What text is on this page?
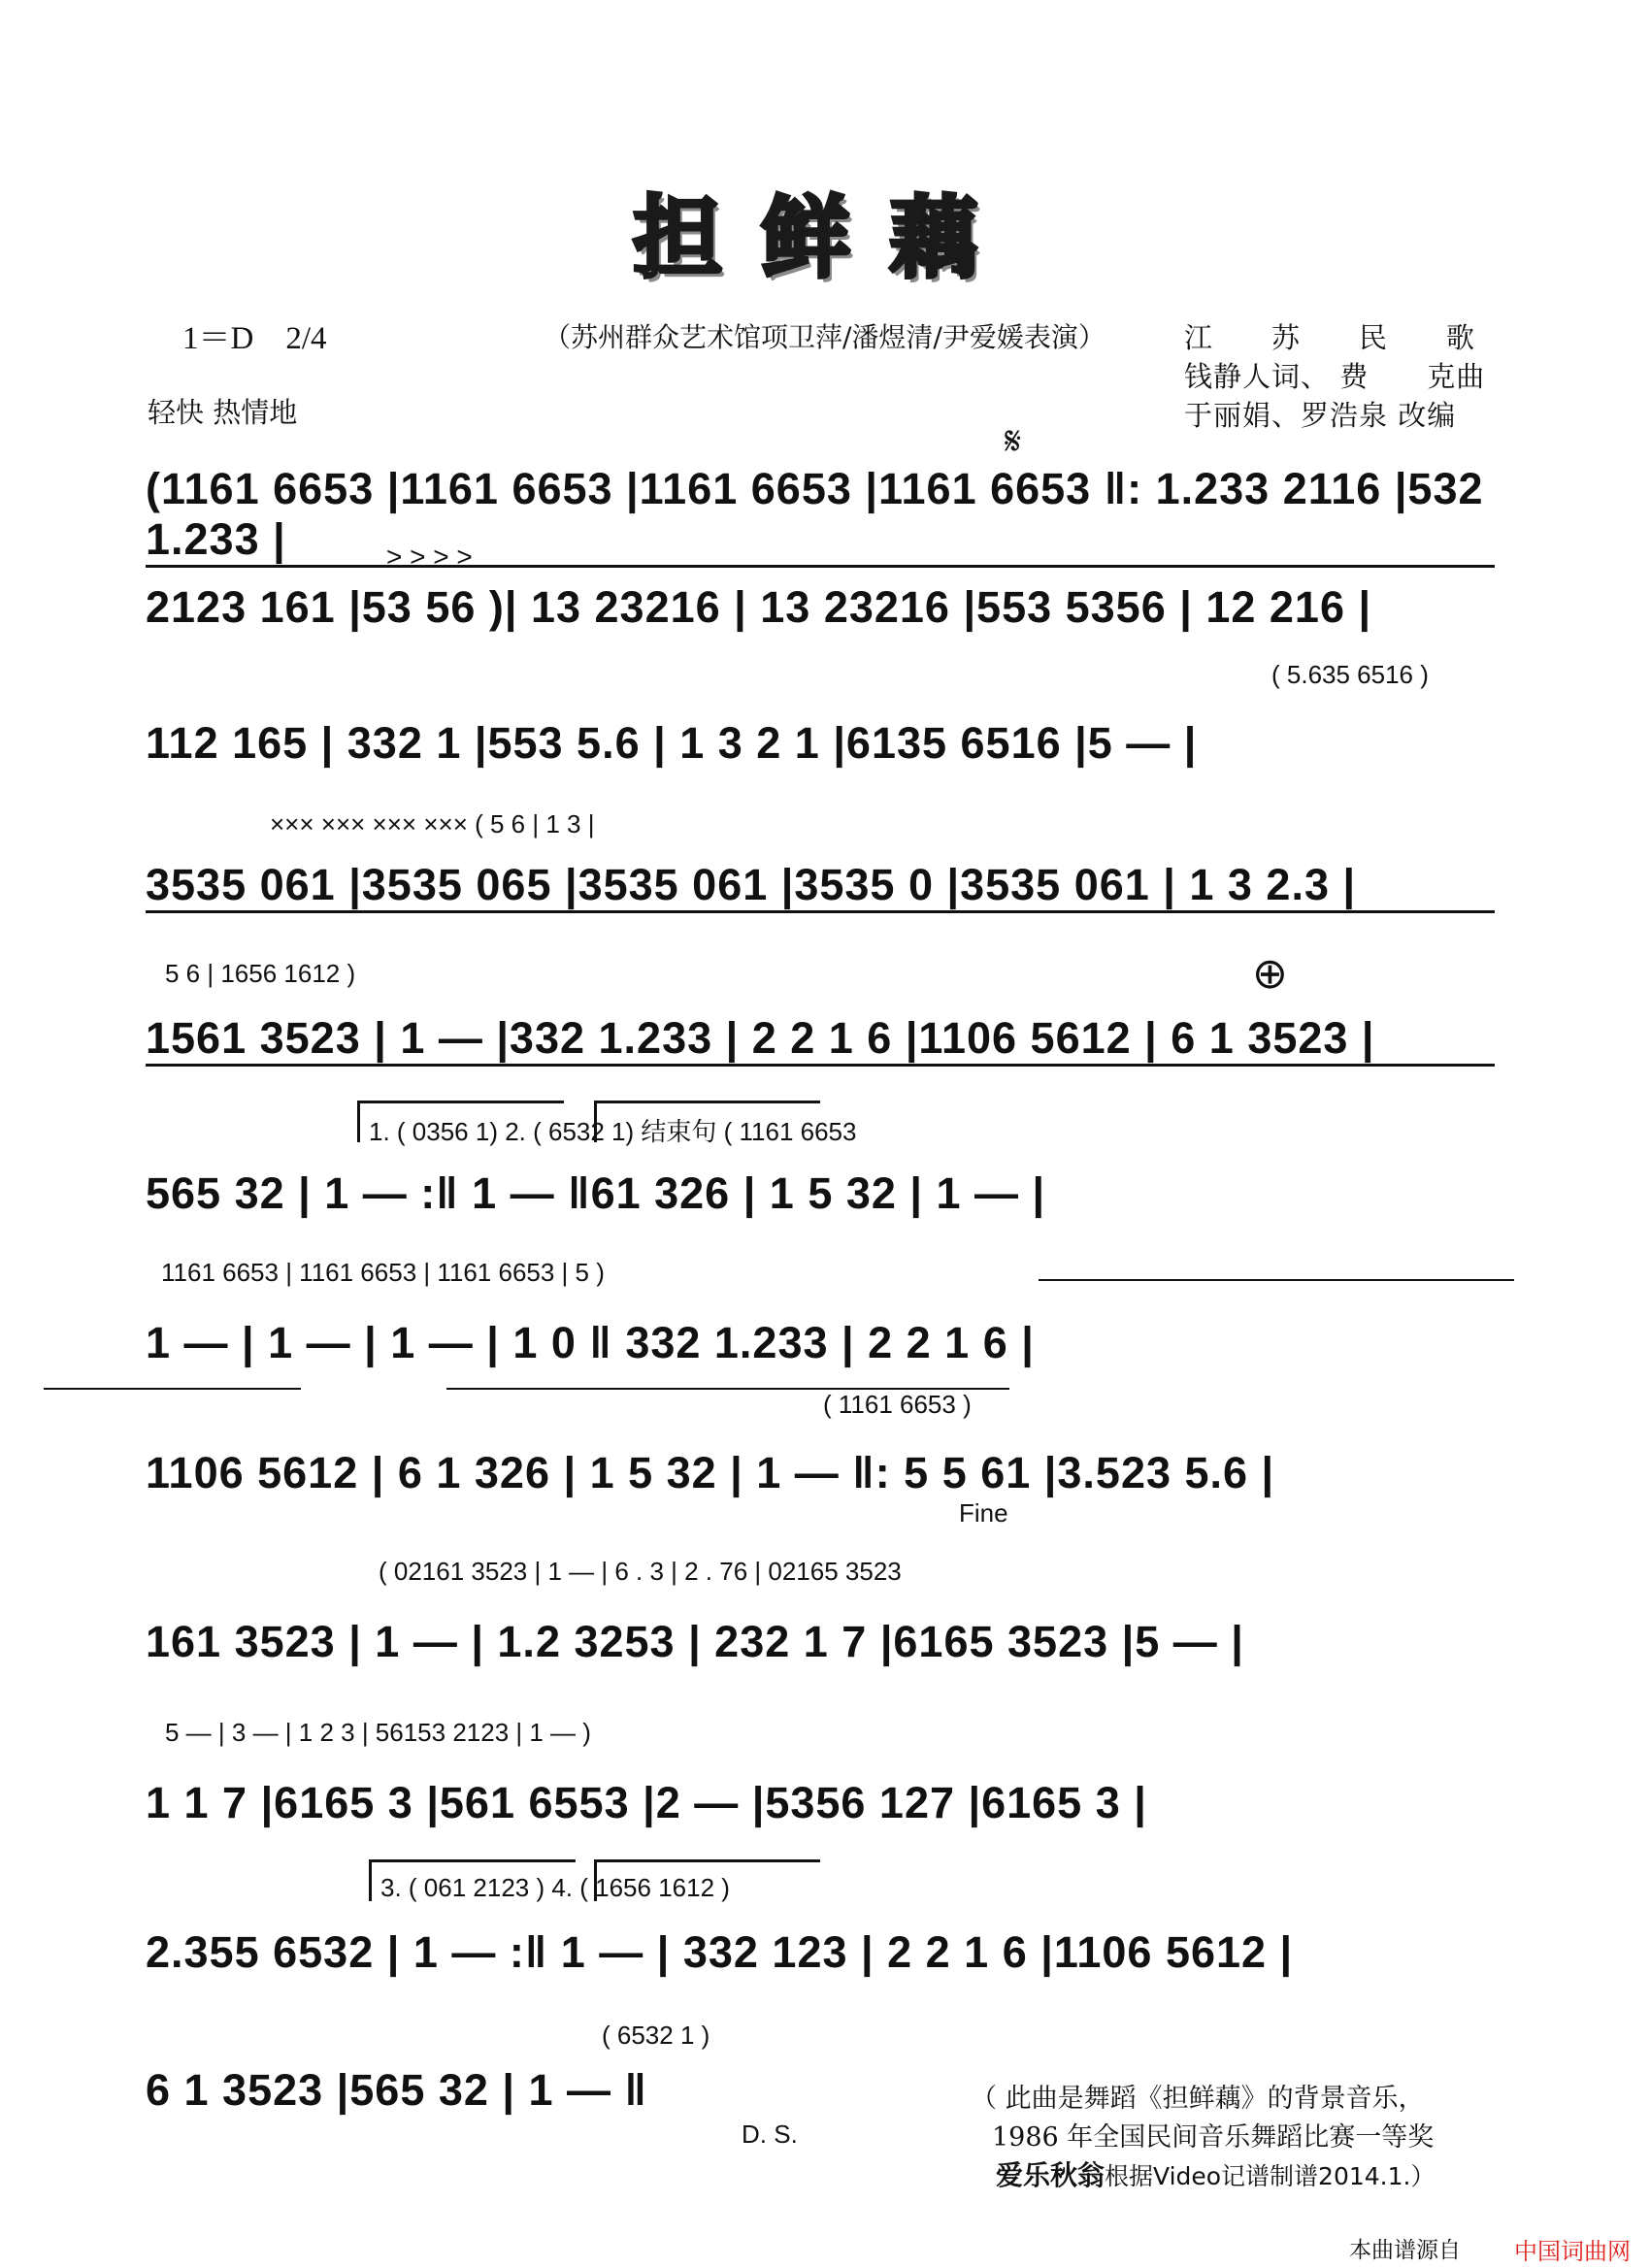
担鲜藕
1＝D　2/4
轻快 热情地
（苏州群众艺术馆项卫萍/潘煜清/尹爱媛表演）	江　　苏　　民　　歌
钱静人词、 费　　克曲
于丽娟、罗浩泉 改编
𝄋
⊕
(1161 6653 |1161 6653 |1161 6653 |1161 6653 ‖: 1.233 2116 |532 1.233 |	> > > >
2123 161 |53 56 )| 13 23216 | 13 23216 |553 5356 | 12 216 |
( 5.635 6516 )
112 165 | 332 1 |553 5.6 | 1 3 2 1 |6135 6516 |5 — |
××× ××× ××× ××× ( 5 6 | 1 3 |
3535 061 |3535 065 |3535 061 |3535 0 |3535 061 | 1 3 2.3 |
5 6 | 1656 1612 )
1561 3523 | 1 — |332 1.233 | 2 2 1 6 |1106 5612 | 6 1 3523 |
1. ( 0356 1) 2. ( 6532 1) 结束句 ( 1161 6653
565 32 | 1 — :‖ 1 — ‖61 326 | 1 5 32 | 1 — |
1161 6653 | 1161 6653 | 1161 6653 | 5 )
1 — | 1 — | 1 — | 1 0 ‖ 332 1.233 | 2 2 1 6 |
( 1161 6653 )
1106 5612 | 6 1 326 | 1 5 32 | 1 — ‖: 5 5 61 |3.523 5.6 |
Fine
( 02161 3523 | 1 — | 6 . 3 | 2 . 76 | 02165 3523
161 3523 | 1 — | 1.2 3253 | 232 1 7 |6165 3523 |5 — |
5 — | 3 — | 1 2 3 | 56153 2123 | 1 — )
1 1 7 |6165 3 |561 6553 |2 — |5356 127 |6165 3 |
3. ( 061 2123 ) 4. ( 1656 1612 )
2.355 6532 | 1 — :‖ 1 — | 332 123 | 2 2 1 6 |1106 5612 |
( 6532 1 )
6 1 3523 |565 32 | 1 — ‖
D. S.
（ 此曲是舞蹈《担鲜藕》的背景音乐，
1986 年全国民间音乐舞蹈比赛一等奖
爱乐秋翁根据Video记谱制谱2014.1.）
本曲谱源自 中国词曲网
